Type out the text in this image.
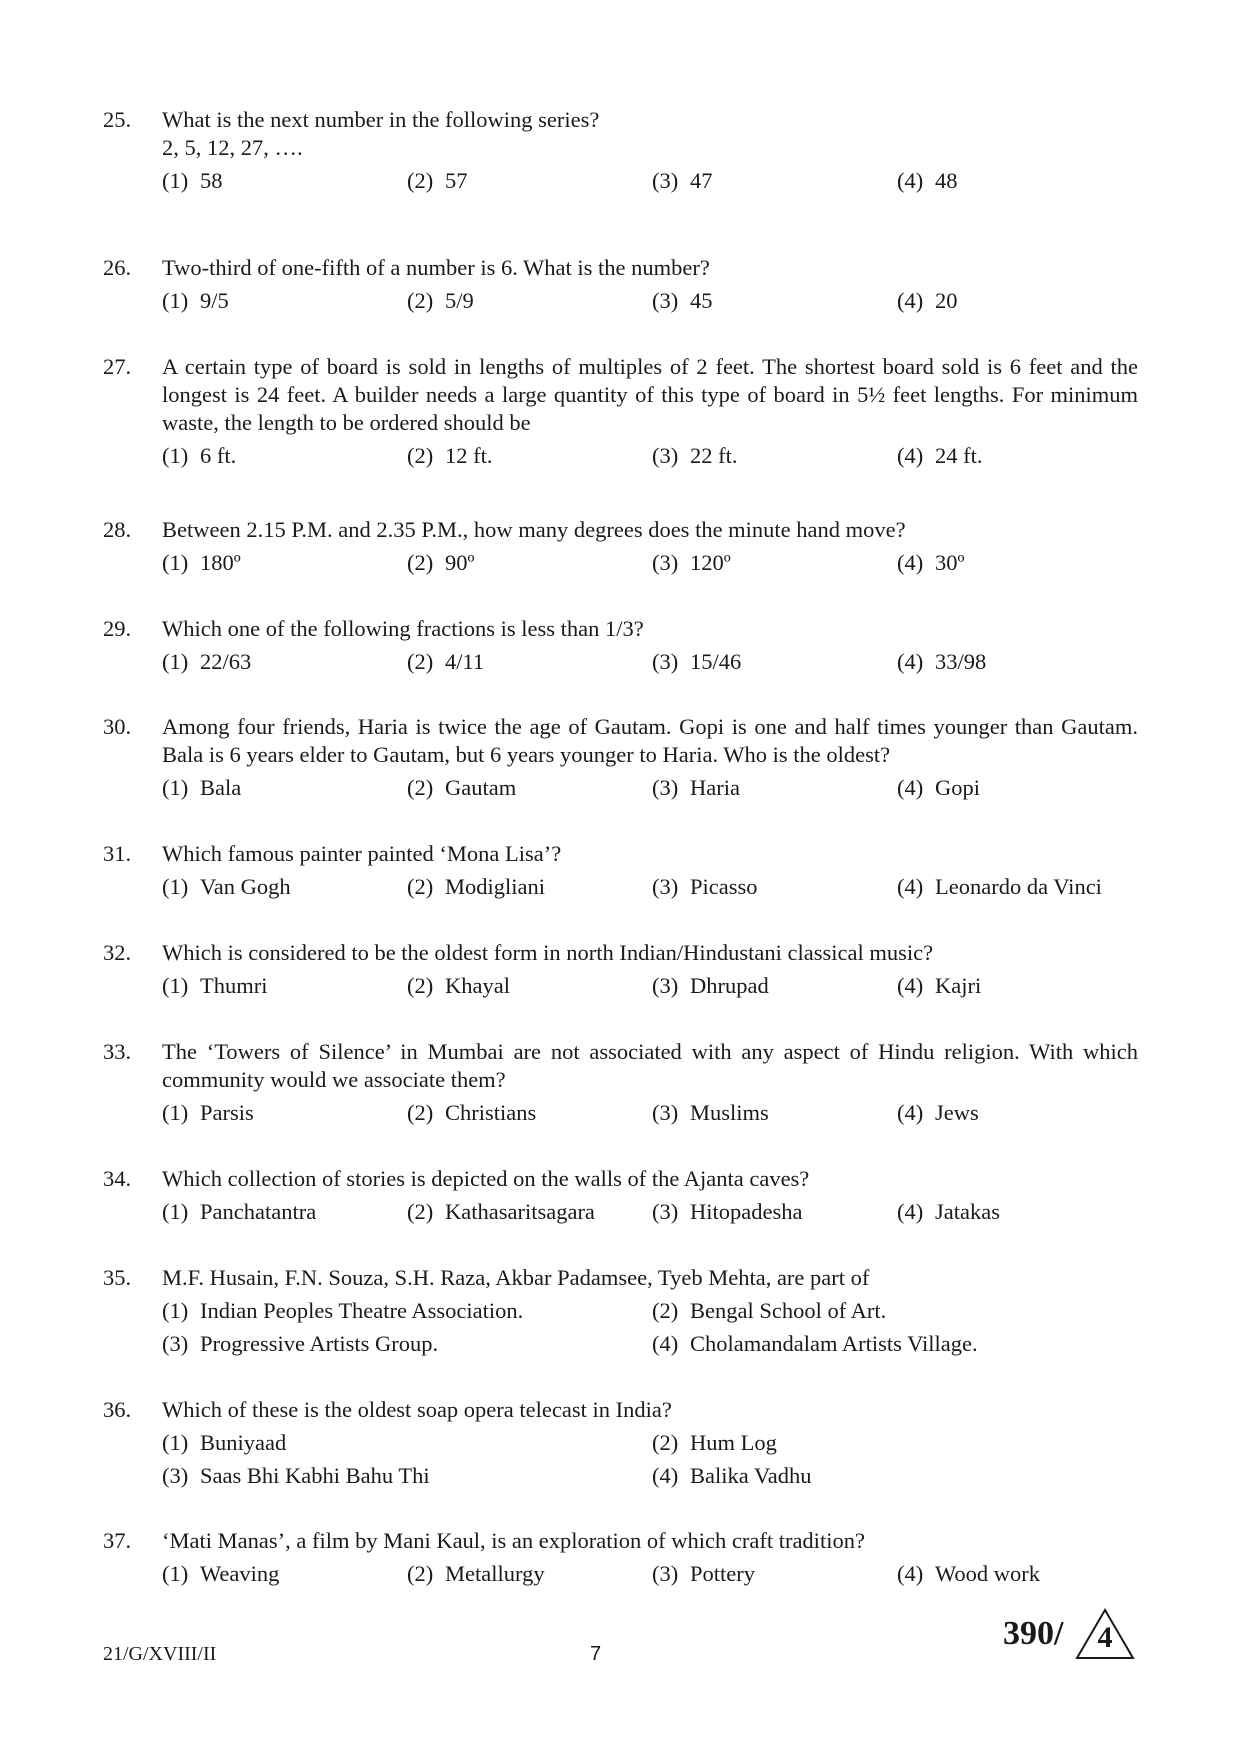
25. What is the next number in the following series?
2, 5, 12, 27, ….
(1) 58	(2) 57	(3) 47	(4) 48
26. Two-third of one-fifth of a number is 6. What is the number?
(1) 9/5	(2) 5/9	(3) 45	(4) 20
27. A certain type of board is sold in lengths of multiples of 2 feet. The shortest board sold is 6 feet and the longest is 24 feet. A builder needs a large quantity of this type of board in 5½ feet lengths. For minimum waste, the length to be ordered should be
(1) 6 ft.	(2) 12 ft.	(3) 22 ft.	(4) 24 ft.
28. Between 2.15 P.M. and 2.35 P.M., how many degrees does the minute hand move?
(1) 180º	(2) 90º	(3) 120º	(4) 30º
29. Which one of the following fractions is less than 1/3?
(1) 22/63	(2) 4/11	(3) 15/46	(4) 33/98
30. Among four friends, Haria is twice the age of Gautam. Gopi is one and half times younger than Gautam. Bala is 6 years elder to Gautam, but 6 years younger to Haria. Who is the oldest?
(1) Bala	(2) Gautam	(3) Haria	(4) Gopi
31. Which famous painter painted ‘Mona Lisa’?
(1) Van Gogh	(2) Modigliani	(3) Picasso	(4) Leonardo da Vinci
32. Which is considered to be the oldest form in north Indian/Hindustani classical music?
(1) Thumri	(2) Khayal	(3) Dhrupad	(4) Kajri
33. The ‘Towers of Silence’ in Mumbai are not associated with any aspect of Hindu religion. With which community would we associate them?
(1) Parsis	(2) Christians	(3) Muslims	(4) Jews
34. Which collection of stories is depicted on the walls of the Ajanta caves?
(1) Panchatantra	(2) Kathasaritsagara	(3) Hitopadesha	(4) Jatakas
35. M.F. Husain, F.N. Souza, S.H. Raza, Akbar Padamsee, Tyeb Mehta, are part of
(1) Indian Peoples Theatre Association.	(2) Bengal School of Art.
(3) Progressive Artists Group.	(4) Cholamandalam Artists Village.
36. Which of these is the oldest soap opera telecast in India?
(1) Buniyaad	(2) Hum Log
(3) Saas Bhi Kabhi Bahu Thi	(4) Balika Vadhu
37. ‘Mati Manas’, a film by Mani Kaul, is an exploration of which craft tradition?
(1) Weaving	(2) Metallurgy	(3) Pottery	(4) Wood work
21/G/XVIII/II	7
390/	4
